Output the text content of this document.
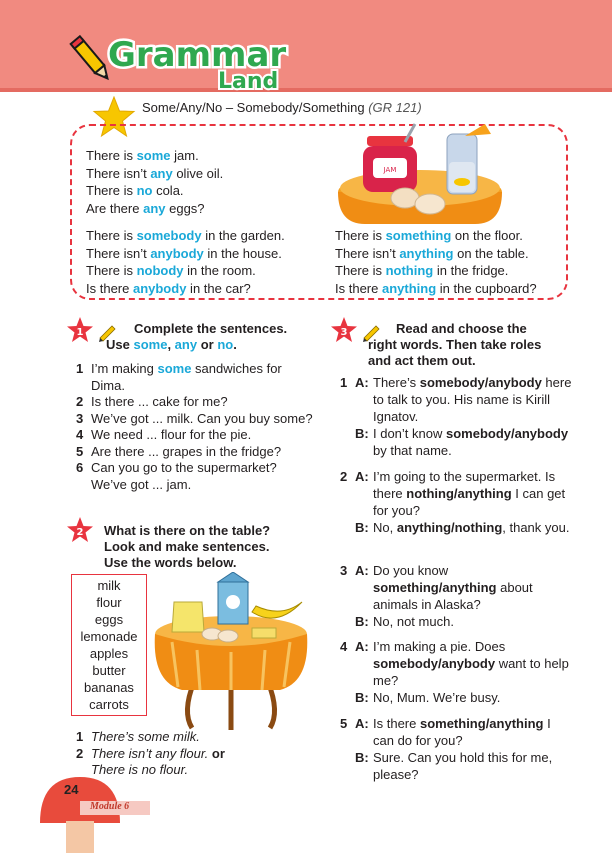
Grammar
Land
Some/Any/No – Somebody/Something (GR 121)
There is some jam.
There isn’t any olive oil.
There is no cola.
Are there any eggs?
There is somebody in the garden.
There isn’t anybody in the house.
There is nobody in the room.
Is there anybody in the car?
There is something on the floor.
There isn’t anything on the table.
There is nothing in the fridge.
Is there anything in the cupboard?
JAM
1	Complete the sentences.
Use some, any or no.
1 I’m making some sandwiches for Dima.
2 Is there ... cake for me?
3 We’ve got ... milk. Can you buy some?
4 We need ... flour for the pie.
5 Are there ... grapes in the fridge?
6 Can you go to the supermarket? We’ve got ... jam.
2 What is there on the table?
Look and make sentences.
Use the words below.
milk
flour
eggs
lemonade
apples
butter
bananas
carrots
1 There’s some milk.
2 There isn’t any flour. or
There is no flour.
3	Read and choose the
right words. Then take roles
and act them out.
1 A: There’s somebody/anybody here to talk to you. His name is Kirill Ignatov.
B: I don’t know somebody/anybody by that name.
2 A: I’m going to the supermarket. Is there nothing/anything I can get for you?
B: No, anything/nothing, thank you.
3 A: Do you know something/anything about animals in Alaska?
B: No, not much.
4 A: I’m making a pie. Does somebody/anybody want to help me?
B: No, Mum. We’re busy.
5 A: Is there something/anything I can do for you?
B: Sure. Can you hold this for me, please?
24
Module 6
